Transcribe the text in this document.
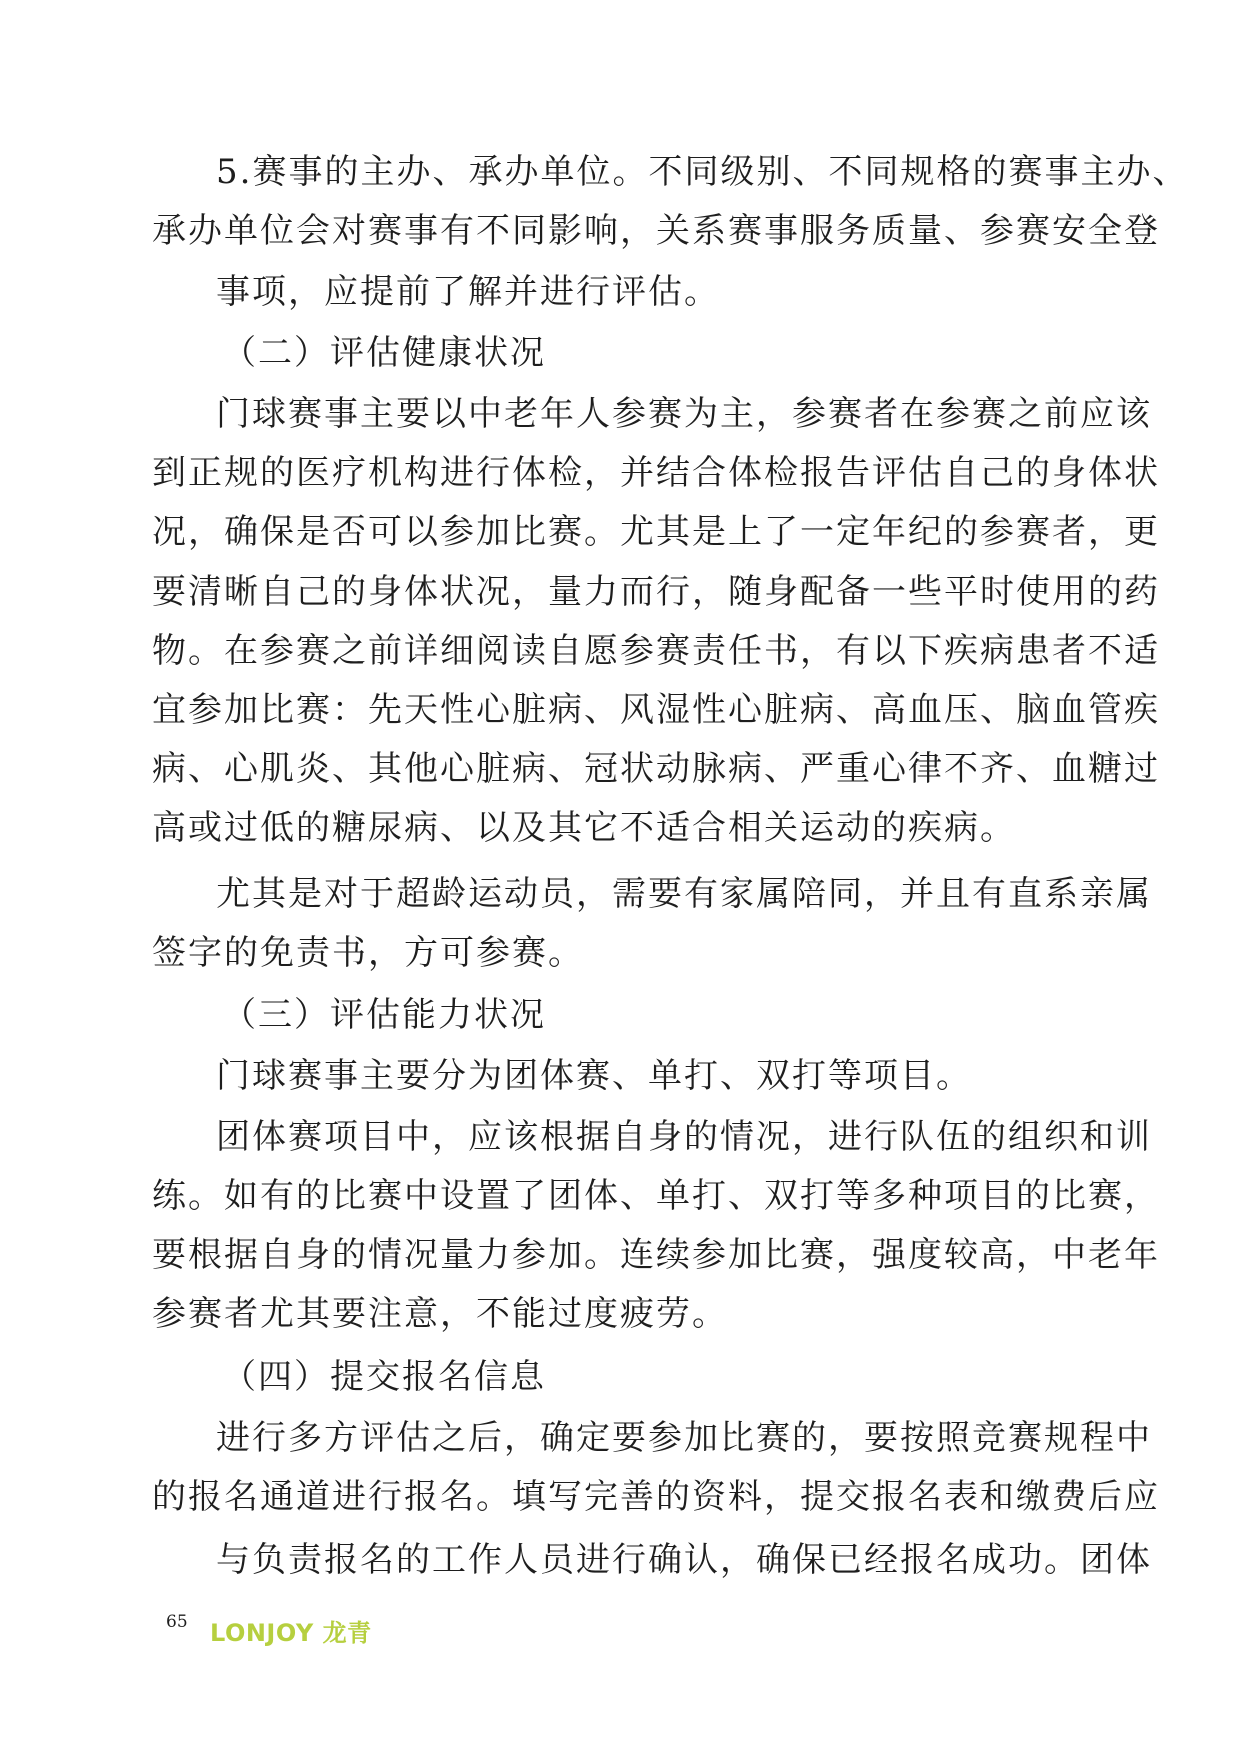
5.赛事的主办、承办单位。不同级别、不同规格的赛事主办、
承办单位会对赛事有不同影响，关系赛事服务质量、参赛安全登
事项，应提前了解并进行评估。
（二）评估健康状况
门球赛事主要以中老年人参赛为主，参赛者在参赛之前应该
到正规的医疗机构进行体检，并结合体检报告评估自己的身体状
况，确保是否可以参加比赛。尤其是上了一定年纪的参赛者，更
要清晰自己的身体状况，量力而行，随身配备一些平时使用的药
物。在参赛之前详细阅读自愿参赛责任书，有以下疾病患者不适
宜参加比赛：先天性心脏病、风湿性心脏病、高血压、脑血管疾
病、心肌炎、其他心脏病、冠状动脉病、严重心律不齐、血糖过
高或过低的糖尿病、以及其它不适合相关运动的疾病。
尤其是对于超龄运动员，需要有家属陪同，并且有直系亲属
签字的免责书，方可参赛。
（三）评估能力状况
门球赛事主要分为团体赛、单打、双打等项目。
团体赛项目中，应该根据自身的情况，进行队伍的组织和训
练。如有的比赛中设置了团体、单打、双打等多种项目的比赛，
要根据自身的情况量力参加。连续参加比赛，强度较高，中老年
参赛者尤其要注意，不能过度疲劳。
（四）提交报名信息
进行多方评估之后，确定要参加比赛的，要按照竞赛规程中
的报名通道进行报名。填写完善的资料，提交报名表和缴费后应
与负责报名的工作人员进行确认，确保已经报名成功。团体
65 LONJOY 龙青
